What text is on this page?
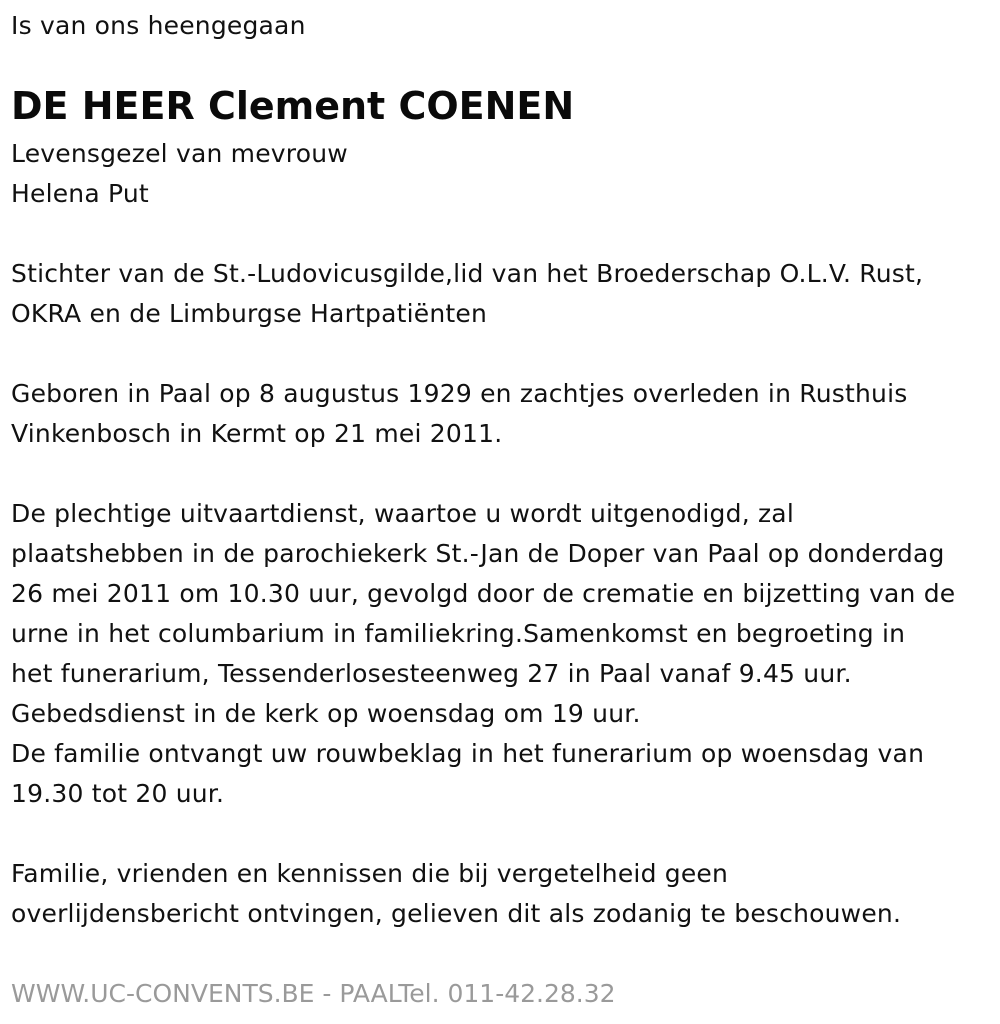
Is van ons heengegaan

DE HEER Clement COENEN

Levensgezel van mevrouw

Helena Put

Stichter van de St.-Ludovicusgilde,lid van het Broederschap O.L.V. Rust,

OKRA en de Limburgse Hartpatiënten

Geboren in Paal op 8 augustus 1929 en zachtjes overleden in Rusthuis

Vinkenbosch in Kermt op 21 mei 2011.

De plechtige uitvaartdienst, waartoe u wordt uitgenodigd, zal

plaatshebben in de parochiekerk St.-Jan de Doper van Paal op donderdag

26 mei 2011 om 10.30 uur, gevolgd door de crematie en bijzetting van de

urne in het columbarium in familiekring.Samenkomst en begroeting in

het funerarium, Tessenderlosesteenweg 27 in Paal vanaf 9.45 uur.

Gebedsdienst in de kerk op woensdag om 19 uur.

De familie ontvangt uw rouwbeklag in het funerarium op woensdag van

19.30 tot 20 uur.

Familie, vrienden en kennissen die bij vergetelheid geen

overlijdensbericht ontvingen, gelieven dit als zodanig te beschouwen.

WWW.UC-CONVENTS.BE - PAALTel. 011-42.28.32
